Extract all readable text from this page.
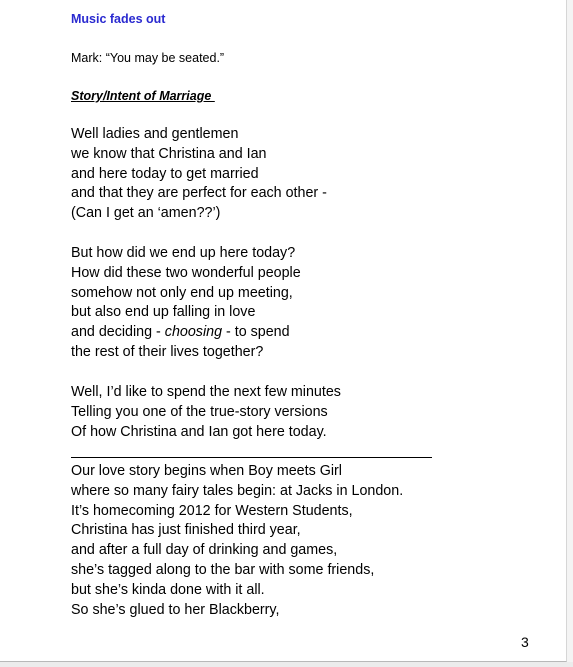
Music fades out
Mark: “You may be seated.”
Story/Intent of Marriage
Well ladies and gentlemen
we know that Christina and Ian
and here today to get married
and that they are perfect for each other -
(Can I get an ‘amen??’)
But how did we end up here today?
How did these two wonderful people
somehow not only end up meeting,
but also end up falling in love
and deciding - choosing - to spend
the rest of their lives together?
Well, I’d like to spend the next few minutes
Telling you one of the true-story versions
Of how Christina and Ian got here today.
Our love story begins when Boy meets Girl
where so many fairy tales begin: at Jacks in London.
It’s homecoming 2012 for Western Students,
Christina has just finished third year,
and after a full day of drinking and games,
she’s tagged along to the bar with some friends,
but she’s kinda done with it all.
So she’s glued to her Blackberry,
3
